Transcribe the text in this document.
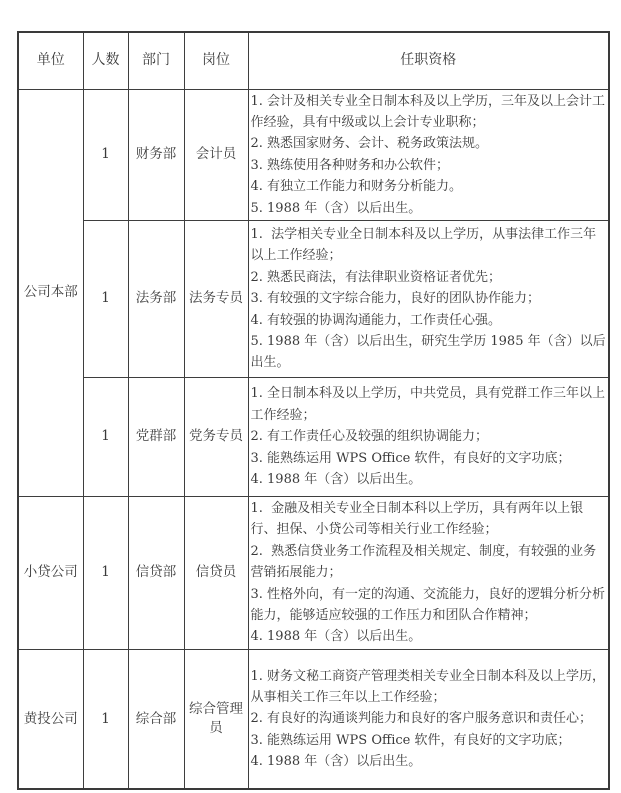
单位	人数	部门	岗位	任职资格
公司本部	1	财务部	会计员	1. 会计及相关专业全日制本科及以上学历，三年及以上会计工作经验，具有中级或以上会计专业职称；
2. 熟悉国家财务、会计、税务政策法规。
3. 熟练使用各种财务和办公软件；
4. 有独立工作能力和财务分析能力。
5. 1988 年（含）以后出生。

	1	法务部	法务专员	1.  法学相关专业全日制本科及以上学历，从事法律工作三年以上工作经验；
2. 熟悉民商法，有法律职业资格证者优先；
3. 有较强的文字综合能力，良好的团队协作能力；
4. 有较强的协调沟通能力，工作责任心强。
5. 1988 年（含）以后出生，研究生学历 1985 年（含）以后出生。

	1	党群部	党务专员	1. 全日制本科及以上学历，中共党员，具有党群工作三年以上工作经验；
2. 有工作责任心及较强的组织协调能力；
3. 能熟练运用 WPS Office 软件，有良好的文字功底；
4. 1988 年（含）以后出生。

小贷公司	1	信贷部	信贷员	1.  金融及相关专业全日制本科以上学历，具有两年以上银行、担保、小贷公司等相关行业工作经验；
2.  熟悉信贷业务工作流程及相关规定、制度，有较强的业务营销拓展能力；
3. 性格外向，有一定的沟通、交流能力，良好的逻辑分析分析能力，能够适应较强的工作压力和团队合作精神；
4. 1988 年（含）以后出生。

黄投公司	1	综合部	综合管理员	1. 财务文秘工商资产管理类相关专业全日制本科及以上学历，从事相关工作三年以上工作经验；
2. 有良好的沟通谈判能力和良好的客户服务意识和责任心；
3. 能熟练运用 WPS Office 软件，有良好的文字功底；
4. 1988 年（含）以后出生。
